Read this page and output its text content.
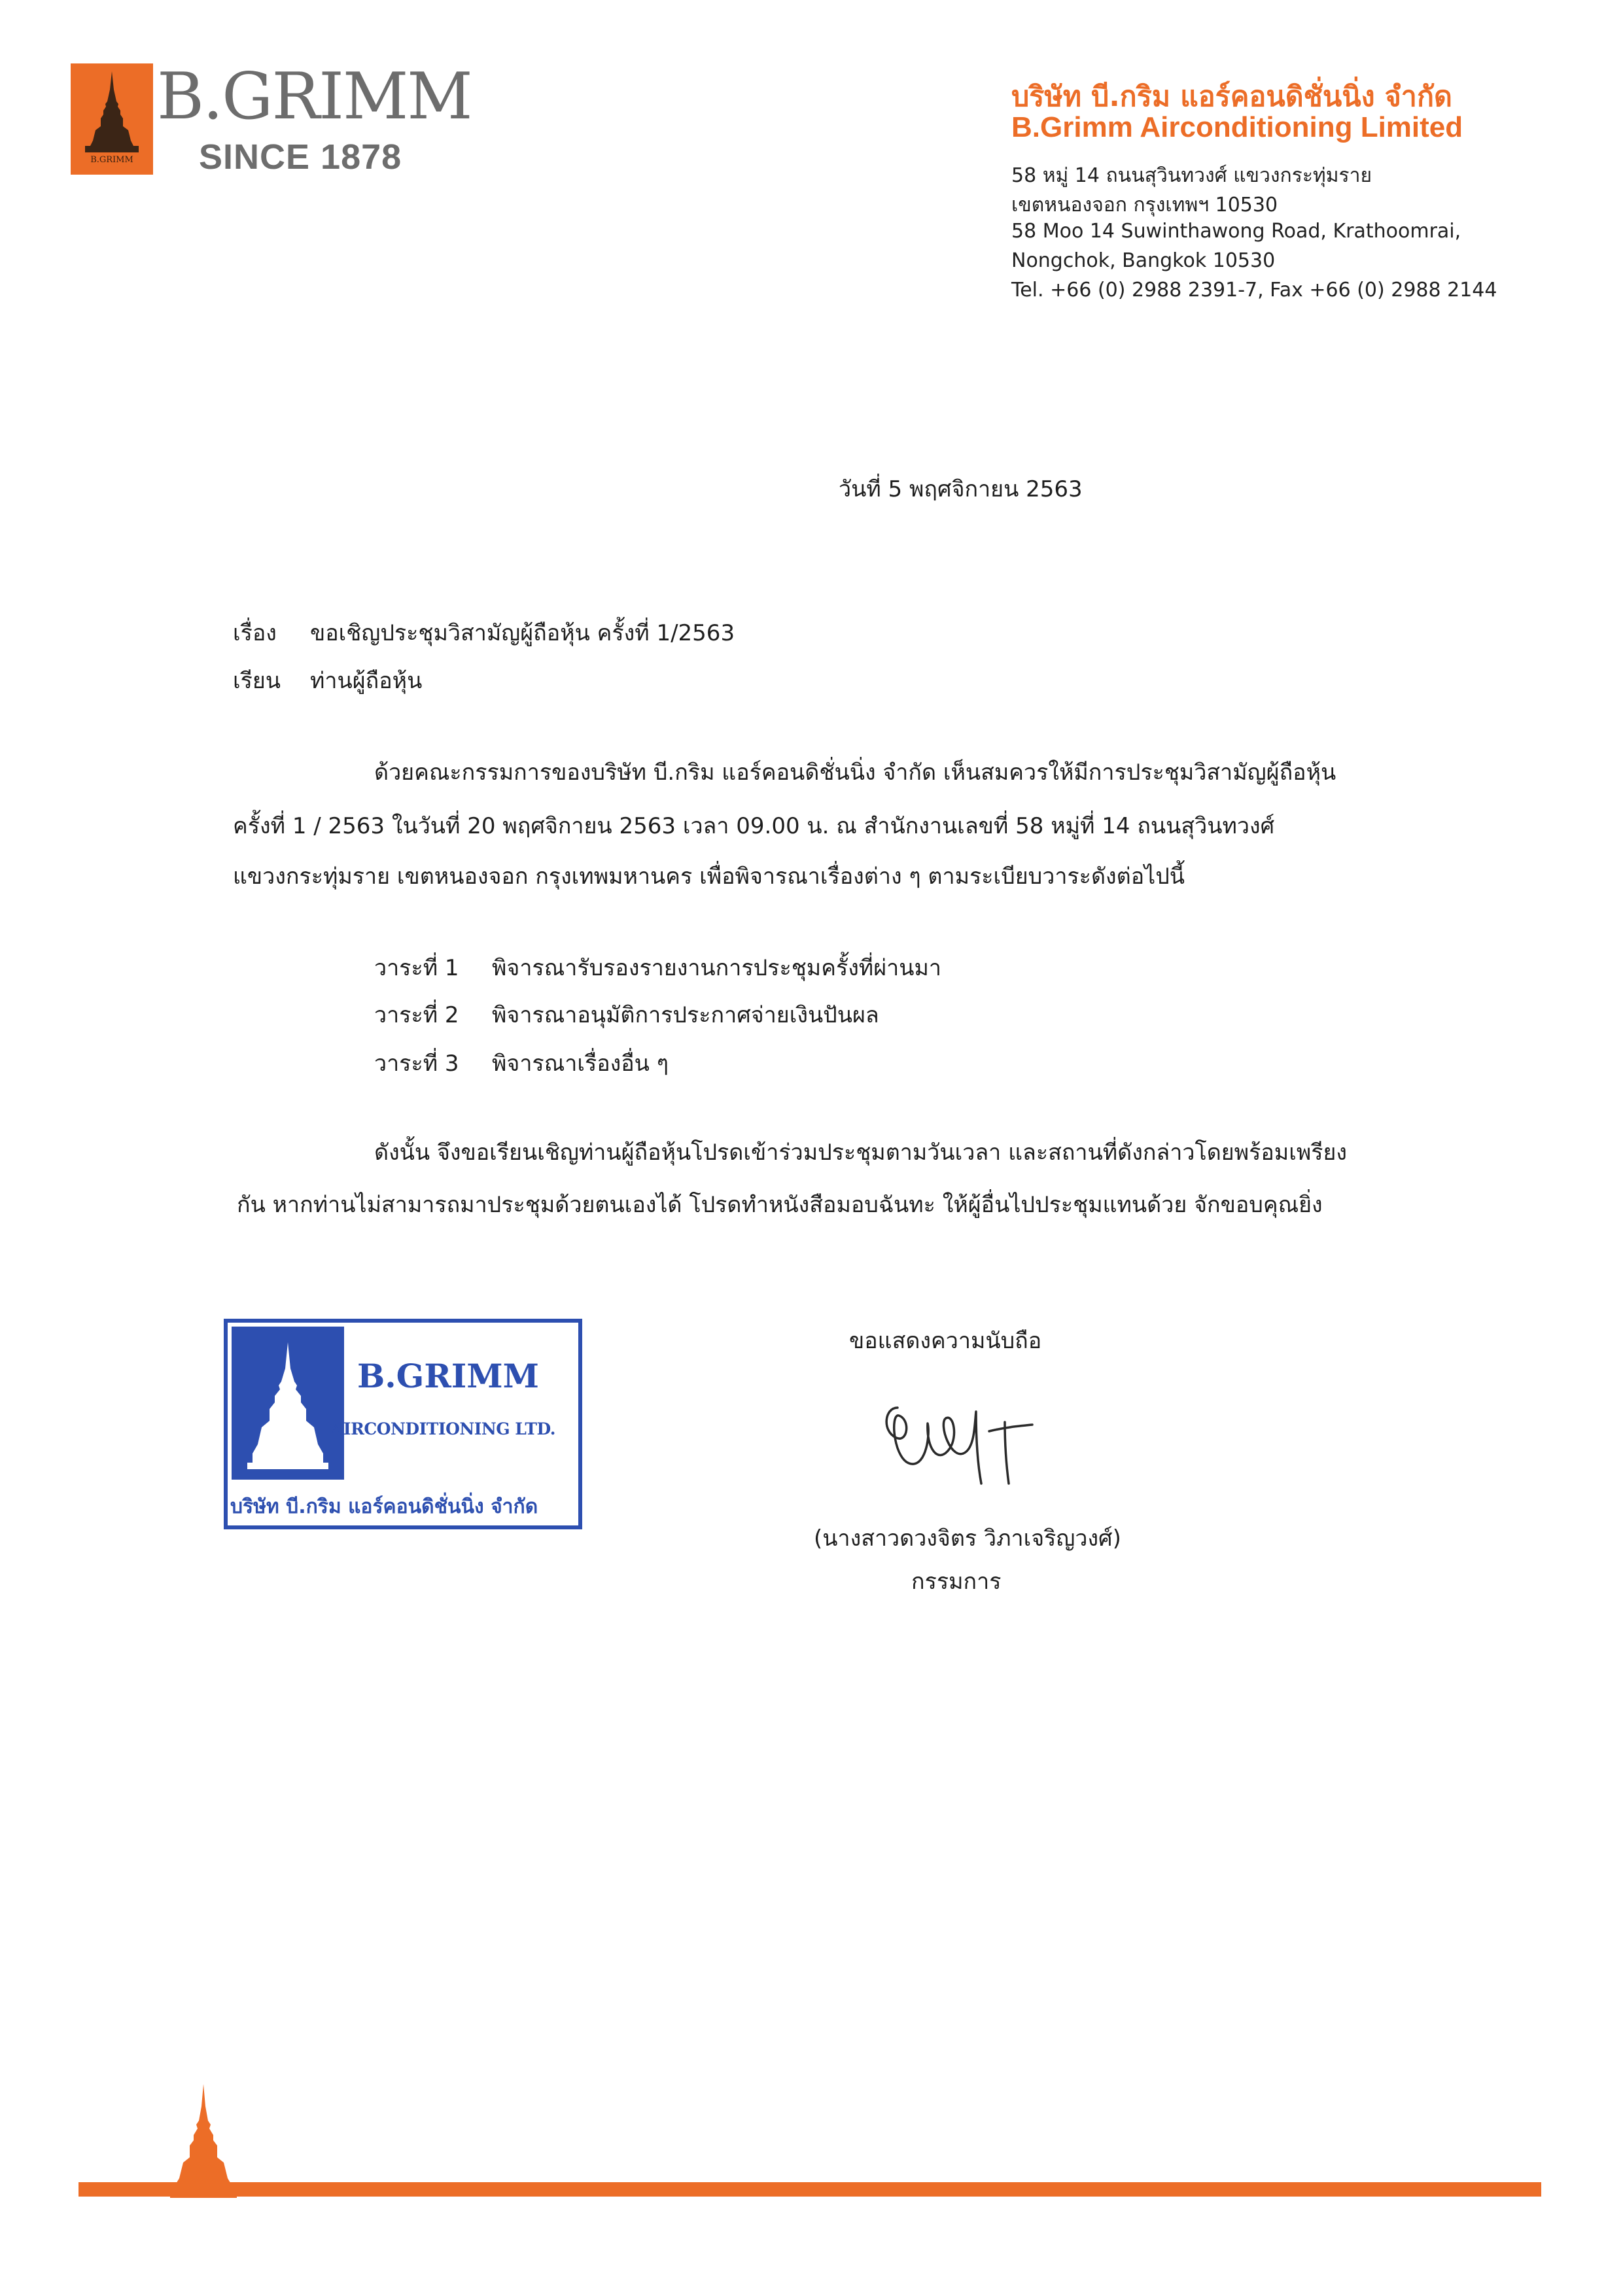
B.GRIMM
B.GRIMM
SINCE 1878
บริษัท บี.กริม แอร์คอนดิชั่นนิ่ง จำกัด
B.Grimm Airconditioning Limited
58 หมู่ 14 ถนนสุวินทวงศ์ แขวงกระทุ่มราย
เขตหนองจอก กรุงเทพฯ 10530
58 Moo 14 Suwinthawong Road, Krathoomrai,
Nongchok, Bangkok 10530
Tel. +66 (0) 2988 2391-7, Fax +66 (0) 2988 2144
วันที่ 5 พฤศจิกายน 2563
เรื่อง ขอเชิญประชุมวิสามัญผู้ถือหุ้น ครั้งที่ 1/2563
เรียน ท่านผู้ถือหุ้น
ด้วยคณะกรรมการของบริษัท บี.กริม แอร์คอนดิชั่นนิ่ง จำกัด เห็นสมควรให้มีการประชุมวิสามัญผู้ถือหุ้น
ครั้งที่ 1 / 2563 ในวันที่ 20 พฤศจิกายน 2563 เวลา 09.00 น. ณ สำนักงานเลขที่ 58 หมู่ที่ 14 ถนนสุวินทวงศ์
แขวงกระทุ่มราย เขตหนองจอก กรุงเทพมหานคร เพื่อพิจารณาเรื่องต่าง ๆ ตามระเบียบวาระดังต่อไปนี้
วาระที่ 1 พิจารณารับรองรายงานการประชุมครั้งที่ผ่านมา
วาระที่ 2 พิจารณาอนุมัติการประกาศจ่ายเงินปันผล
วาระที่ 3 พิจารณาเรื่องอื่น ๆ
ดังนั้น จึงขอเรียนเชิญท่านผู้ถือหุ้นโปรดเข้าร่วมประชุมตามวันเวลา และสถานที่ดังกล่าวโดยพร้อมเพรียง
กัน หากท่านไม่สามารถมาประชุมด้วยตนเองได้ โปรดทำหนังสือมอบฉันทะ ให้ผู้อื่นไปประชุมแทนด้วย จักขอบคุณยิ่ง
B.GRIMM
AIRCONDITIONING LTD.
บริษัท บี.กริม แอร์คอนดิชั่นนิ่ง จำกัด
ขอแสดงความนับถือ
(นางสาวดวงจิตร วิภาเจริญวงศ์)
กรรมการ
